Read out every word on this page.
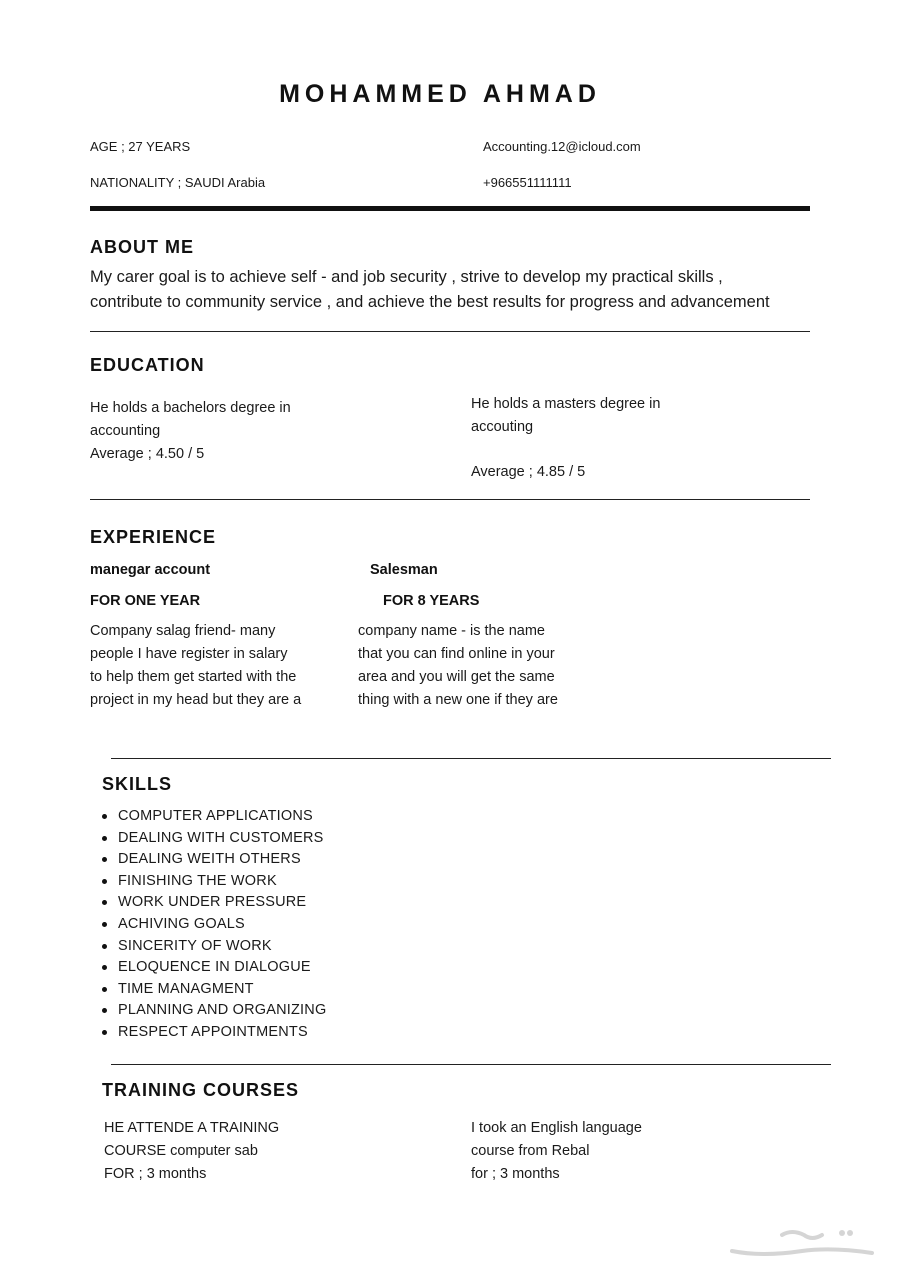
MOHAMMED AHMAD
AGE ; 27 YEARS
NATIONALITY ; SAUDI Arabia
Accounting.12@icloud.com
+966551111111
ABOUT ME
My carer goal is to achieve self - and job security , strive to develop my practical skills ,
contribute to community service , and achieve the best results for progress and advancement
EDUCATION
He holds a bachelors degree in
accounting
Average ; 4.50 / 5
He holds a masters degree in
accouting
Average ; 4.85 / 5
EXPERIENCE
manegar account
FOR ONE YEAR
Company salag friend- many
people I have register in salary
to help them get started with the
project in my head but they are a
Salesman
FOR 8 YEARS
company name - is the name
that you can find online in your
area and you will get the same
thing with a new one if they are
SKILLS
COMPUTER APPLICATIONS
DEALING WITH CUSTOMERS
DEALING WEITH OTHERS
FINISHING THE WORK
WORK UNDER PRESSURE
ACHIVING GOALS
SINCERITY OF WORK
ELOQUENCE IN DIALOGUE
TIME MANAGMENT
PLANNING AND ORGANIZING
RESPECT APPOINTMENTS
TRAINING COURSES
HE ATTENDE A TRAINING
COURSE computer sab
FOR ; 3 months
I took an English language
course from Rebal
for ; 3 months
